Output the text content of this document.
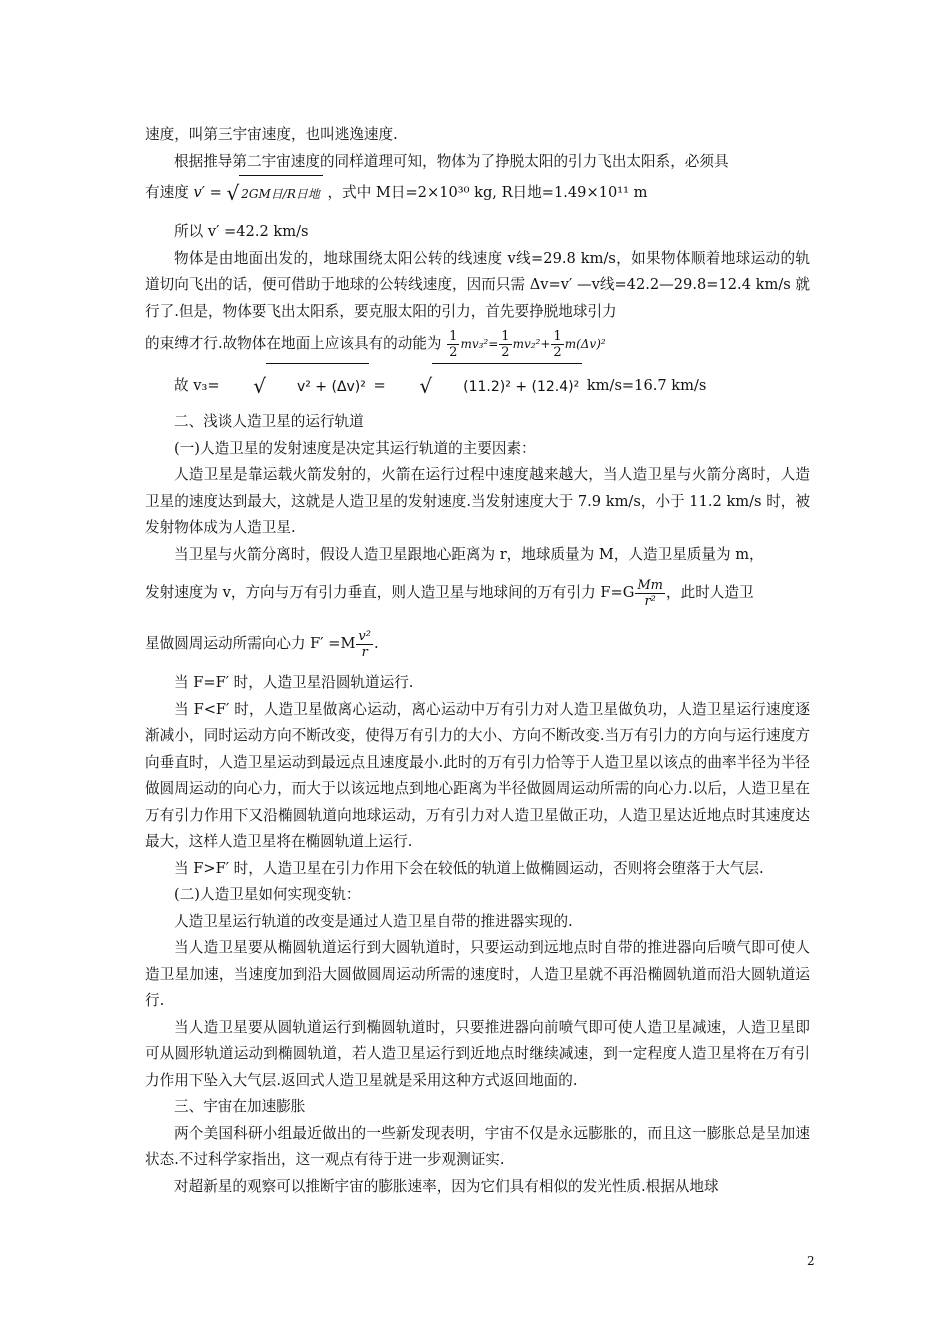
速度，叫第三宇宙速度，也叫逃逸速度.

根据推导第二宇宙速度的同样道理可知，物体为了挣脱太阳的引力飞出太阳系，必须具

有速度 v′ = √ 2GM日/R日地 ，式中 M日=2×10³⁰ kg, R日地=1.49×10¹¹ m

所以 v′ =42.2 km/s

物体是由地面出发的，地球围绕太阳公转的线速度 v线=29.8 km/s，如果物体顺着地球运动的轨道切向飞出的话，便可借助于地球的公转线速度，因而只需 Δv=v′ —v线=42.2—29.8=12.4 km/s 就行了.但是，物体要飞出太阳系，要克服太阳的引力，首先要挣脱地球引力

的束缚才行.故物体在地面上应该具有的动能为 $\frac{1}{2} mv_3^2= \frac{1}{2} mv_2^2+ \frac{1}{2} m(\Delta v)^2$

故 v₃= √ v² + (Δv)² = √ (11.2)² + (12.4)² km/s=16.7 km/s

二、浅谈人造卫星的运行轨道

(一)人造卫星的发射速度是决定其运行轨道的主要因素：

人造卫星是靠运载火箭发射的，火箭在运行过程中速度越来越大，当人造卫星与火箭分离时，人造卫星的速度达到最大，这就是人造卫星的发射速度.当发射速度大于 7.9 km/s，小于 11.2 km/s 时，被发射物体成为人造卫星.

当卫星与火箭分离时，假设人造卫星跟地心距离为 r，地球质量为 M，人造卫星质量为 m，

发射速度为 v，方向与万有引力垂直，则人造卫星与地球间的万有引力 $F=G \frac{Mm}{\text{r²}}$ ，此时人造卫

星做圆周运动所需向心力 $F' =M \frac{\text{v²}}{r}$ .

当 F=F′ 时，人造卫星沿圆轨道运行.

当 F<F′ 时，人造卫星做离心运动，离心运动中万有引力对人造卫星做负功，人造卫星运行速度逐渐减小，同时运动方向不断改变，使得万有引力的大小、方向不断改变.当万有引力的方向与运行速度方向垂直时，人造卫星运动到最远点且速度最小.此时的万有引力恰等于人造卫星以该点的曲率半径为半径做圆周运动的向心力，而大于以该远地点到地心距离为半径做圆周运动所需的向心力.以后，人造卫星在万有引力作用下又沿椭圆轨道向地球运动，万有引力对人造卫星做正功，人造卫星达近地点时其速度达最大，这样人造卫星将在椭圆轨道上运行.

当 F>F′ 时，人造卫星在引力作用下会在较低的轨道上做椭圆运动，否则将会堕落于大气层.

(二)人造卫星如何实现变轨：

人造卫星运行轨道的改变是通过人造卫星自带的推进器实现的.

当人造卫星要从椭圆轨道运行到大圆轨道时，只要运动到远地点时自带的推进器向后喷气即可使人造卫星加速，当速度加到沿大圆做圆周运动所需的速度时，人造卫星就不再沿椭圆轨道而沿大圆轨道运行.

当人造卫星要从圆轨道运行到椭圆轨道时，只要推进器向前喷气即可使人造卫星减速，人造卫星即可从圆形轨道运动到椭圆轨道，若人造卫星运行到近地点时继续减速，到一定程度人造卫星将在万有引力作用下坠入大气层.返回式人造卫星就是采用这种方式返回地面的.

三、宇宙在加速膨胀

两个美国科研小组最近做出的一些新发现表明，宇宙不仅是永远膨胀的，而且这一膨胀总是呈加速状态.不过科学家指出，这一观点有待于进一步观测证实.

对超新星的观察可以推断宇宙的膨胀速率，因为它们具有相似的发光性质.根据从地球

2
